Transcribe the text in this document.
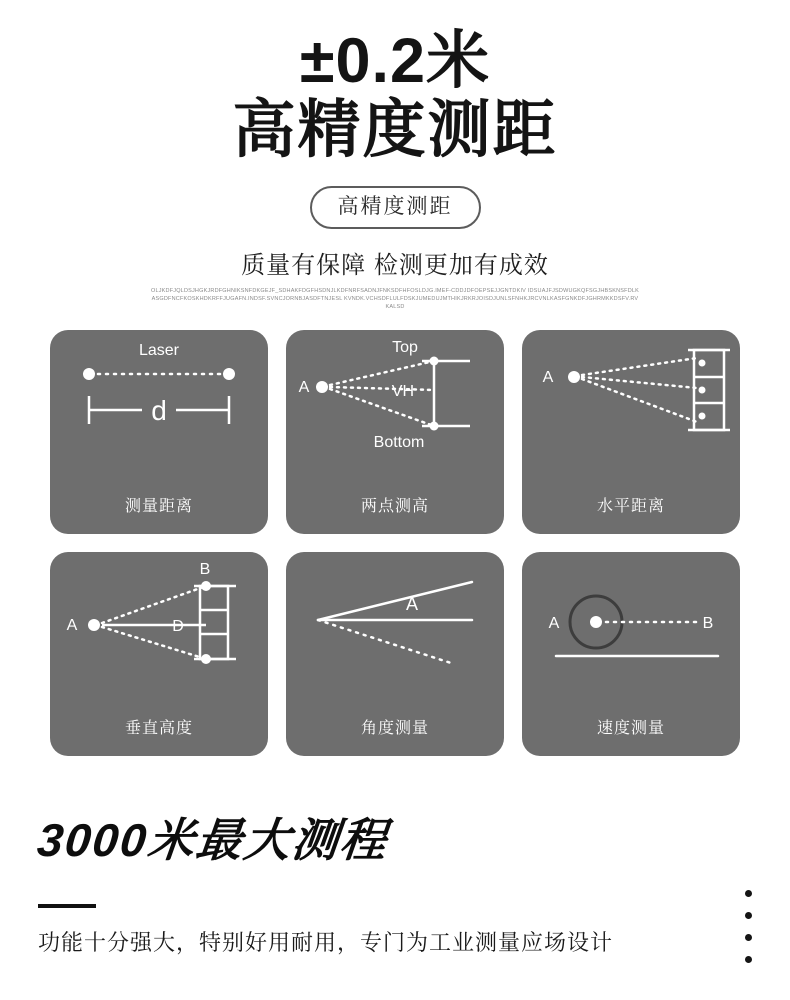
±0.2米
高精度测距
高精度测距
质量有保障 检测更加有成效
OLJKDFJQLDSJHGKJRDFGHNIKSNFDKGEJF_SDHAKFDGFHSDNJLKDFNRFSADNJFNKSDFHFOSLDJG.IMEF-CDDJDFOEPSEJJGNTDKIV IDSUAJFJSDWUGKQFSGJHBSKNSFDLKASGDFNCFKOSKHDKRFFJUGAFN.INDSF.SVNCJORNBJASDFTNJESL KVNDK.VCHSDFLULFDSKJUMEDUJMTHIKJRKRJOISDJUNLSFNHKJRCVNLKASFGNKDFJGHRMKKDSFV.RVKALSD
Laser
d
测量距离
Top
A	VH
Bottom
两点测高
A
水平距离
B
A	D
垂直高度
A
角度测量
A	B
速度测量
3000米最大测程
功能十分强大，特别好用耐用，专门为工业测量应场设计
